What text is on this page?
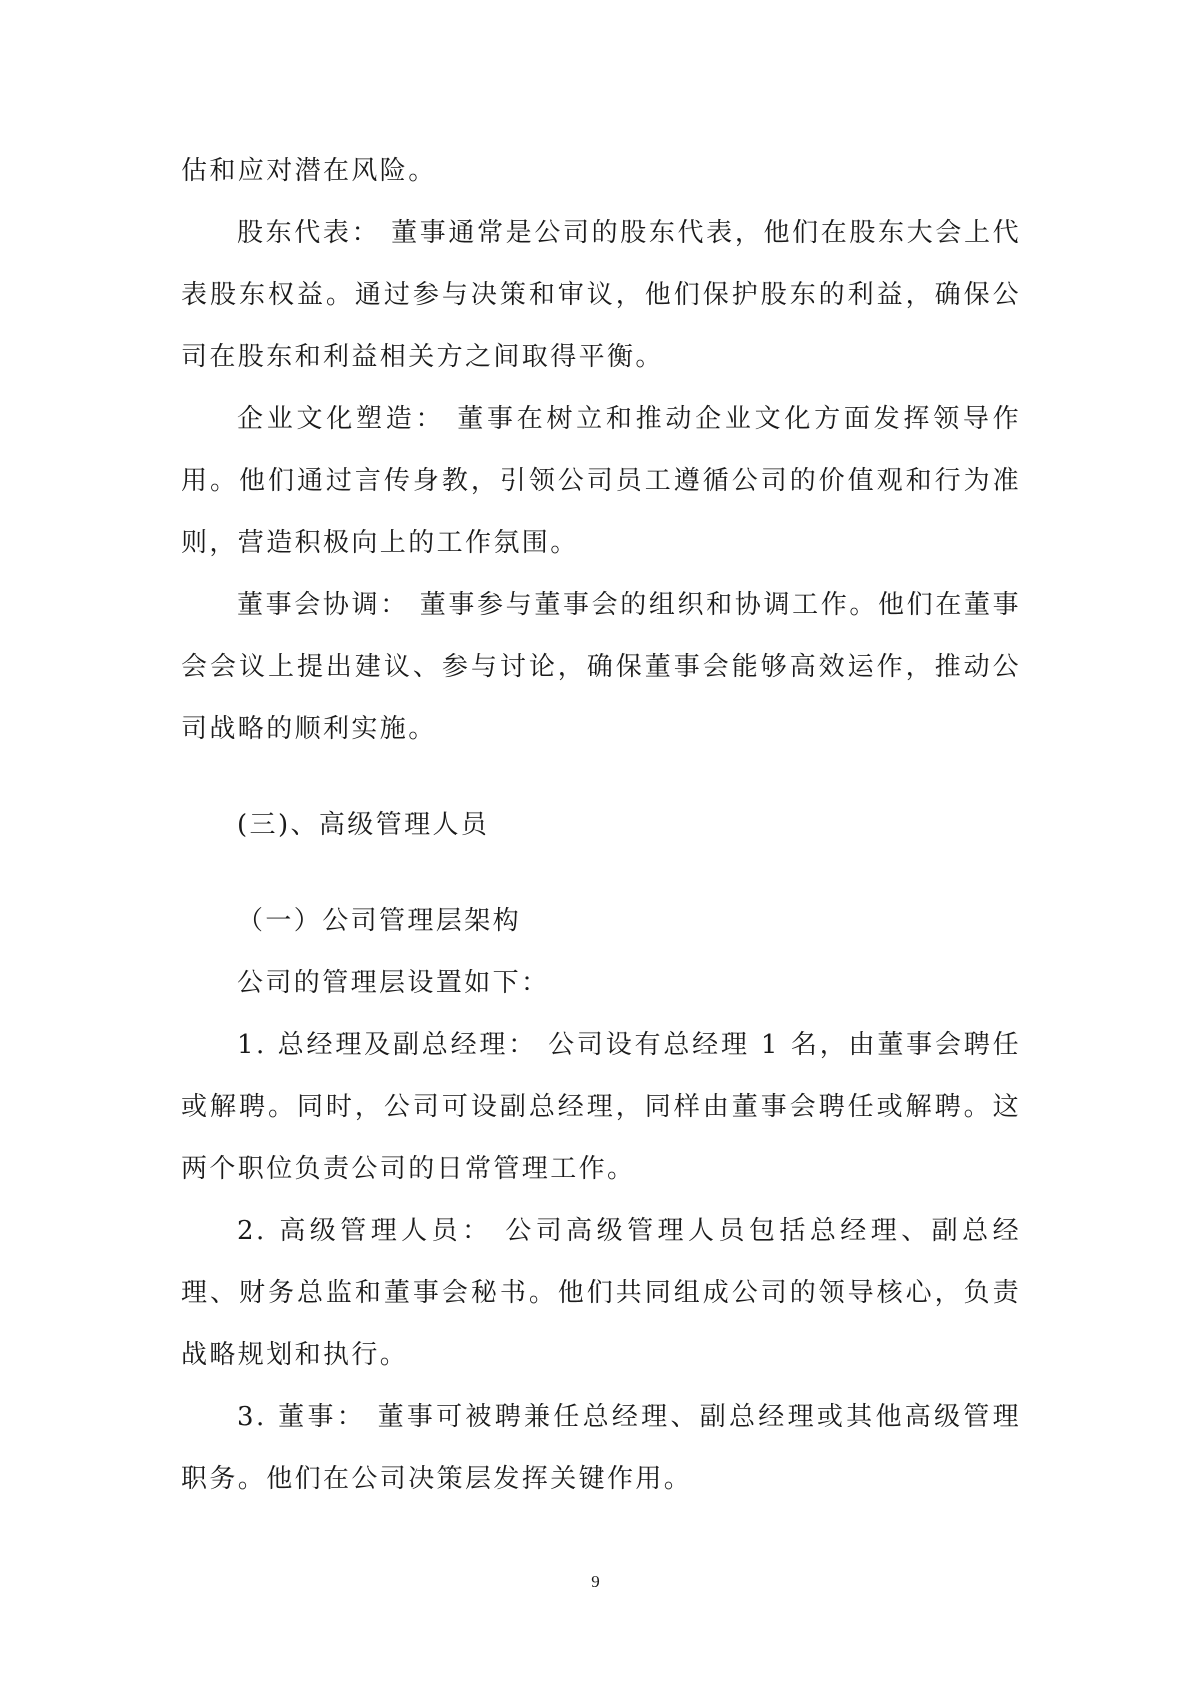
估和应对潜在风险。

股东代表： 董事通常是公司的股东代表，他们在股东大会上代表股东权益。通过参与决策和审议，他们保护股东的利益，确保公司在股东和利益相关方之间取得平衡。

企业文化塑造： 董事在树立和推动企业文化方面发挥领导作用。他们通过言传身教，引领公司员工遵循公司的价值观和行为准则，营造积极向上的工作氛围。

董事会协调： 董事参与董事会的组织和协调工作。他们在董事会会议上提出建议、参与讨论，确保董事会能够高效运作，推动公司战略的顺利实施。

(三)、高级管理人员

（一）公司管理层架构

公司的管理层设置如下：

1. 总经理及副总经理： 公司设有总经理 1 名，由董事会聘任或解聘。同时，公司可设副总经理，同样由董事会聘任或解聘。这两个职位负责公司的日常管理工作。

2. 高级管理人员： 公司高级管理人员包括总经理、副总经理、财务总监和董事会秘书。他们共同组成公司的领导核心，负责战略规划和执行。

3. 董事： 董事可被聘兼任总经理、副总经理或其他高级管理职务。他们在公司决策层发挥关键作用。

9
